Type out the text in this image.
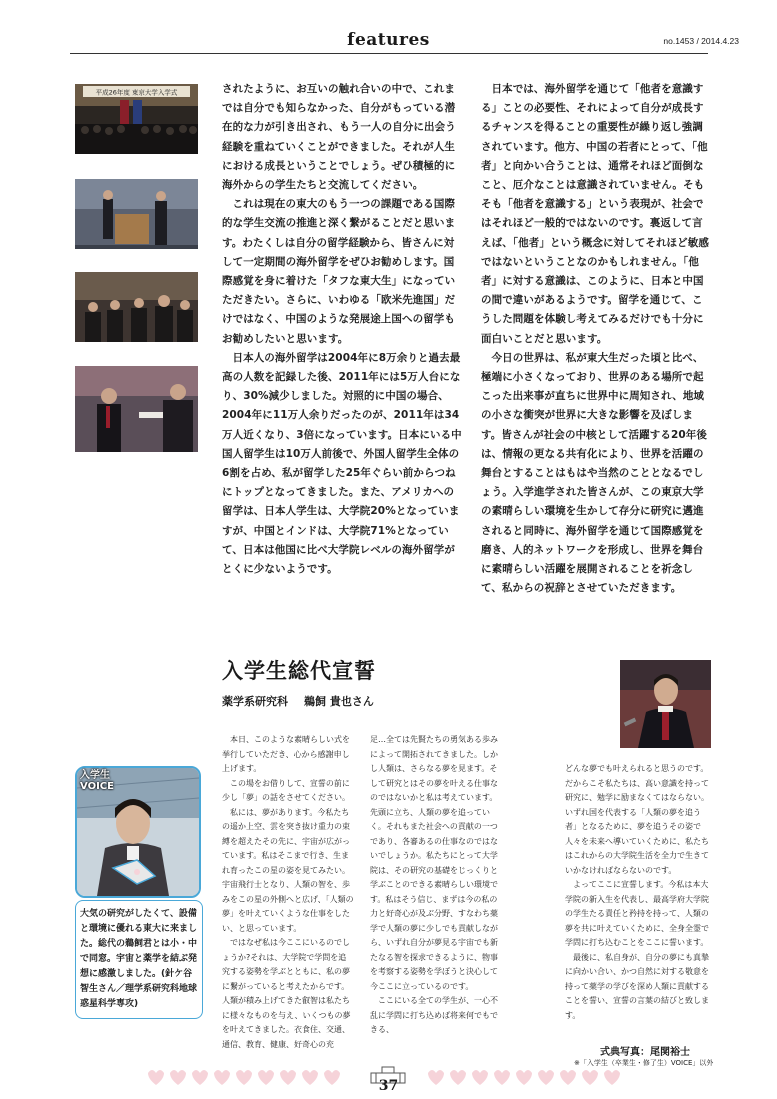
features	no.1453 / 2014.4.23
平成26年度 東京大学入学式	されたように、お互いの触れ合いの中で、これまでは自分でも知らなかった、自分がもっている潜在的な力が引き出され、もう一人の自分に出会う経験を重ねていくことができました。それが人生における成長ということでしょう。ぜひ積極的に海外からの学生たちと交流してください。

これは現在の東大のもう一つの課題である国際的な学生交流の推進と深く繋がることだと思います。わたくしは自分の留学経験から、皆さんに対して一定期間の海外留学をぜひお勧めします。国際感覚を身に着けた「タフな東大生」になっていただきたい。さらに、いわゆる「欧米先進国」だけではなく、中国のような発展途上国への留学もお勧めしたいと思います。

日本人の海外留学は2004年に8万余りと過去最高の人数を記録した後、2011年には5万人台になり、30%減少しました。対照的に中国の場合、2004年に11万人余りだったのが、2011年は34万人近くなり、3倍になっています。日本にいる中国人留学生は10万人前後で、外国人留学生全体の6割を占め、私が留学した25年ぐらい前からつねにトップとなってきました。また、アメリカへの留学は、日本人学生は、大学院20%となっていますが、中国とインドは、大学院71%となっていて、日本は他国に比べ大学院レベルの海外留学がとくに少ないようです。

日本では、海外留学を通じて「他者を意識する」ことの必要性、それによって自分が成長するチャンスを得ることの重要性が繰り返し強調されています。他方、中国の若者にとって、「他者」と向かい合うことは、通常それほど面倒なこと、厄介なことは意識されていません。そもそも「他者を意識する」という表現が、社会ではそれほど一般的ではないのです。裏返して言えば、「他者」という概念に対してそれほど敏感ではないということなのかもしれません。「他者」に対する意識は、このように、日本と中国の間で違いがあるようです。留学を通じて、こうした問題を体験し考えてみるだけでも十分に面白いことだと思います。

今日の世界は、私が東大生だった頃と比べ、極端に小さくなっており、世界のある場所で起こった出来事が直ちに世界中に周知され、地域の小さな衝突が世界に大きな影響を及ぼします。皆さんが社会の中核として活躍する20年後は、情報の更なる共有化により、世界を活躍の舞台とすることはもはや当然のこととなるでしょう。入学進学された皆さんが、この東京大学の素晴らしい環境を生かして存分に研究に邁進されると同時に、海外留学を通じて国際感覚を磨き、人的ネットワークを形成し、世界を舞台に素晴らしい活躍を展開されることを祈念して、私からの祝辞とさせていただきます。

入学生総代宣誓
薬学系研究科 鵜飼 貴也さん
入学生
VOICE
大気の研究がしたくて、設備と環境に優れる東大に来ました。総代の鵜飼君とは小・中で同窓。宇宙と薬学を結ぶ発想に感激しました。(針ケ谷智生さん／理学系研究科地球惑星科学専攻)

本日、このような素晴らしい式を挙行していただき、心から感謝申し上げます。

この場をお借りして、宣誓の前に少し「夢」の話をさせてください。

私には、夢があります。今私たちの遥か上空、雲を突き抜け重力の束縛を超えたその先に、宇宙が広がっています。私はそこまで行き、生まれ育ったこの星の姿を見てみたい。宇宙飛行士となり、人類の智を、歩みをこの星の外側へと広げ、「人類の夢」を叶えていくような仕事をしたい、と思っています。

ではなぜ私は今ここにいるのでしょうか?それは、大学院で学問を追究する姿勢を学ぶとともに、私の夢に繋がっていると考えたからです。人類が積み上げてきた叡智は私たちに様々なものを与え、いくつもの夢を叶えてきました。衣食住、交通、通信、教育、健康、好奇心の充

足…全ては先賢たちの勇気ある歩みによって開拓されてきました。しかし人類は、さらなる夢を見ます。そして研究とはその夢を叶える仕事なのではないかと私は考えています。先頭に立ち、人類の夢を追っていく。それもまた社会への貢献の一つであり、各審あるの仕事なのではないでしょうか。私たちにとって大学院は、その研究の基礎をじっくりと学ぶことのできる素晴らしい環境です。私はそう信じ、まずは今の私の力と好奇心が及ぶ分野、すなわち薬学で人類の夢に少しでも貢献しながら、いずれ自分が夢見る宇宙でも新たなる智を探求できるように、物事を考察する姿勢を学ぼうと決心して今ここに立っているのです。

ここにいる全ての学生が、一心不乱に学問に打ち込めば将来何でもできる、

どんな夢でも叶えられると思うのです。だからこそ私たちは、高い意識を持って研究に、勉学に励まなくてはならない。いずれ国を代表する「人類の夢を追う者」となるために、夢を追うその姿で人々を未来へ導いていくために、私たちはこれからの大学院生活を全力で生きていかなければならないのです。

よってここに宣誓します。今私は本大学院の新入生を代表し、最高学府大学院の学生たる責任と矜持を持って、人類の夢を共に叶えていくために、全身全霊で学問に打ち込むことをここに誓います。

最後に、私自身が、自分の夢にも真摯に向かい合い、かつ自然に対する敬意を持って薬学の学びを深め人類に貢献することを誓い、宣誓の言葉の結びと致します。

式典写真：尾関裕士
※「入学生（卒業生・修了生）VOICE」以外
37
